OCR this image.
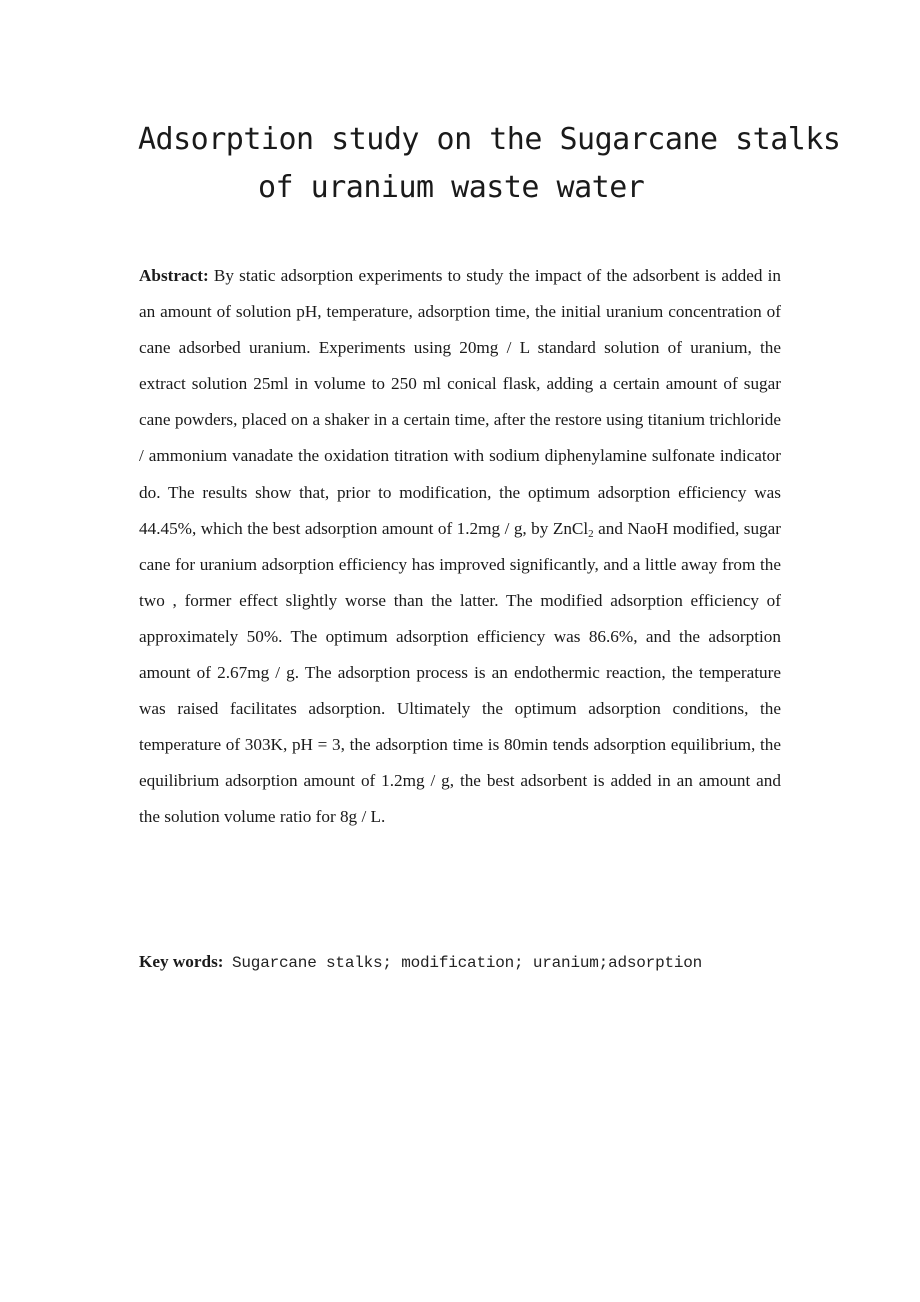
Adsorption study on the Sugarcane stalks
of uranium waste water

Abstract: By static adsorption experiments to study the impact of the adsorbent is added in an amount of solution pH, temperature, adsorption time, the initial uranium concentration of cane adsorbed uranium. Experiments using 20mg / L standard solution of uranium, the extract solution 25ml in volume to 250 ml conical flask, adding a certain amount of sugar cane powders, placed on a shaker in a certain time, after the restore using titanium trichloride / ammonium vanadate the oxidation titration with sodium diphenylamine sulfonate indicator do. The results show that, prior to modification, the optimum adsorption efficiency was 44.45%, which the best adsorption amount of 1.2mg / g, by ZnCl$_2$ and NaoH modified, sugar cane for uranium adsorption efficiency has improved significantly, and a little away from the two , former effect slightly worse than the latter. The modified adsorption efficiency of approximately 50%. The optimum adsorption efficiency was 86.6%, and the adsorption amount of 2.67mg / g. The adsorption process is an endothermic reaction, the temperature was raised facilitates adsorption. Ultimately the optimum adsorption conditions, the temperature of 303K, pH = 3, the adsorption time is 80min tends adsorption equilibrium, the equilibrium adsorption amount of 1.2mg / g, the best adsorbent is added in an amount and the solution volume ratio for 8g / L.

Key words: Sugarcane stalks; modification; uranium;adsorption
